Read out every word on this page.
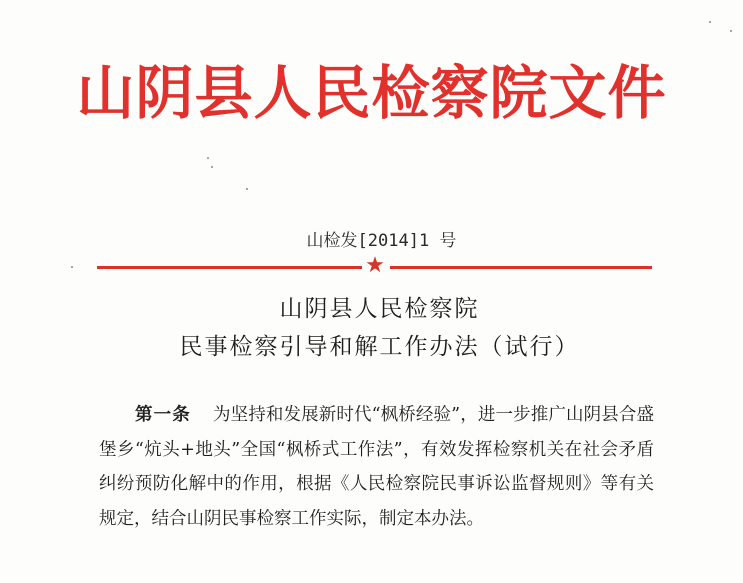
山阴县人民检察院文件
山检发[2014]1 号
★
山阴县人民检察院
民事检察引导和解工作办法（试行）

第一条 为坚持和发展新时代“枫桥经验”，进一步推广山阴县合盛堡乡“炕头+地头”全国“枫桥式工作法”，有效发挥检察机关在社会矛盾纠纷预防化解中的作用，根据《人民检察院民事诉讼监督规则》等有关规定，结合山阴民事检察工作实际，制定本办法。
